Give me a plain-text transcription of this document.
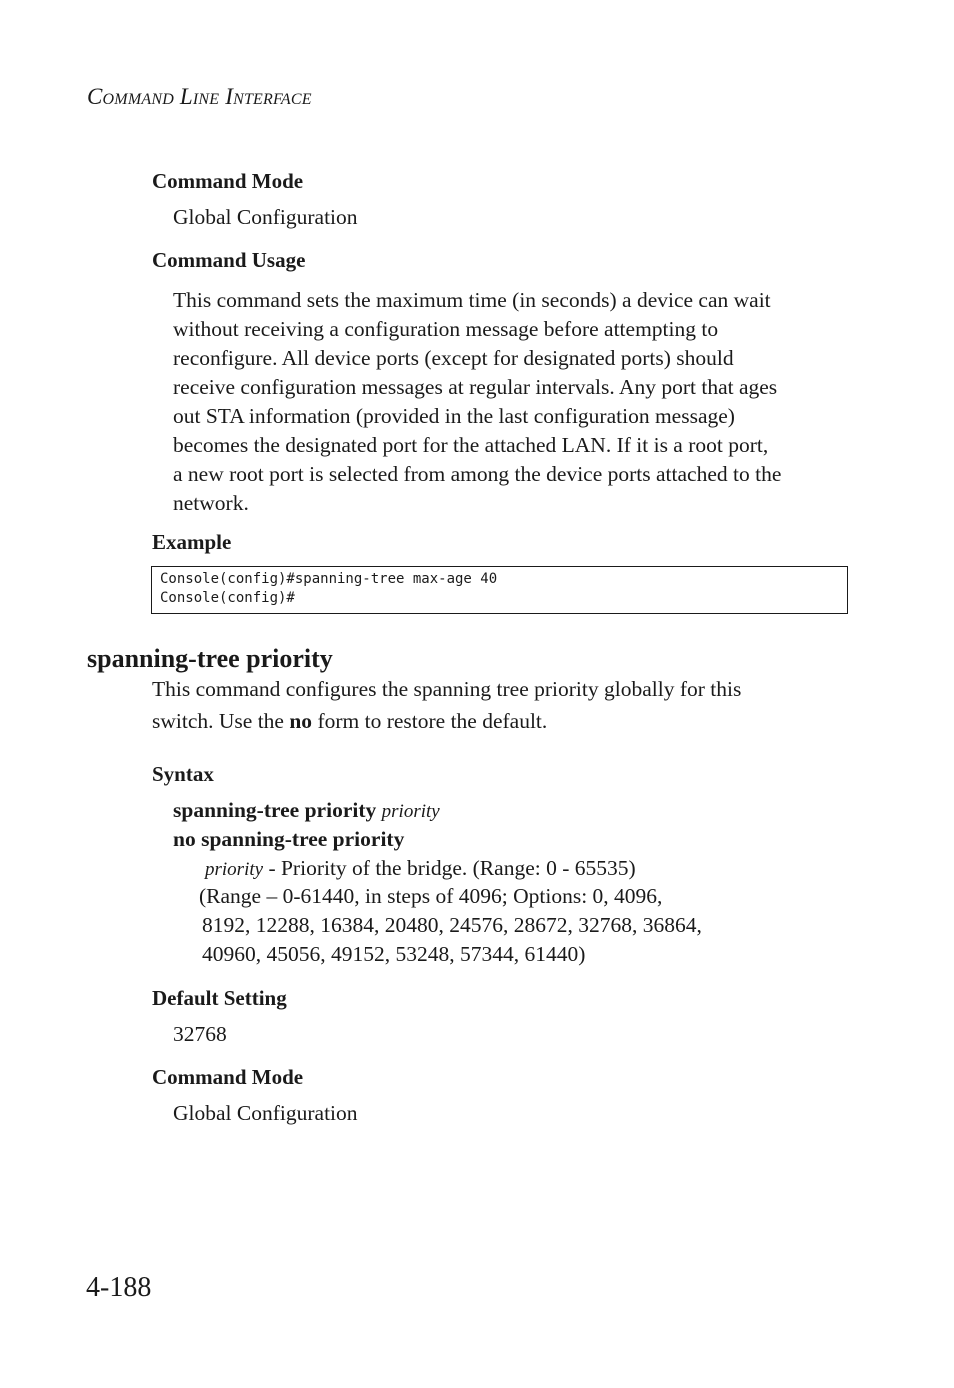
Command Line Interface
Command Mode
Global Configuration
Command Usage
This command sets the maximum time (in seconds) a device can wait
without receiving a configuration message before attempting to
reconfigure. All device ports (except for designated ports) should
receive configuration messages at regular intervals. Any port that ages
out STA information (provided in the last configuration message)
becomes the designated port for the attached LAN. If it is a root port,
a new root port is selected from among the device ports attached to the
network.
Example
Console(config)#spanning-tree max-age 40
Console(config)#
spanning-tree priority
This command configures the spanning tree priority globally for this
switch. Use the no form to restore the default.
Syntax
spanning-tree priority priority
no spanning-tree priority
priority - Priority of the bridge. (Range: 0 - 65535)
(Range – 0-61440, in steps of 4096; Options: 0, 4096,
8192, 12288, 16384, 20480, 24576, 28672, 32768, 36864,
40960, 45056, 49152, 53248, 57344, 61440)
Default Setting
32768
Command Mode
Global Configuration
4-188
